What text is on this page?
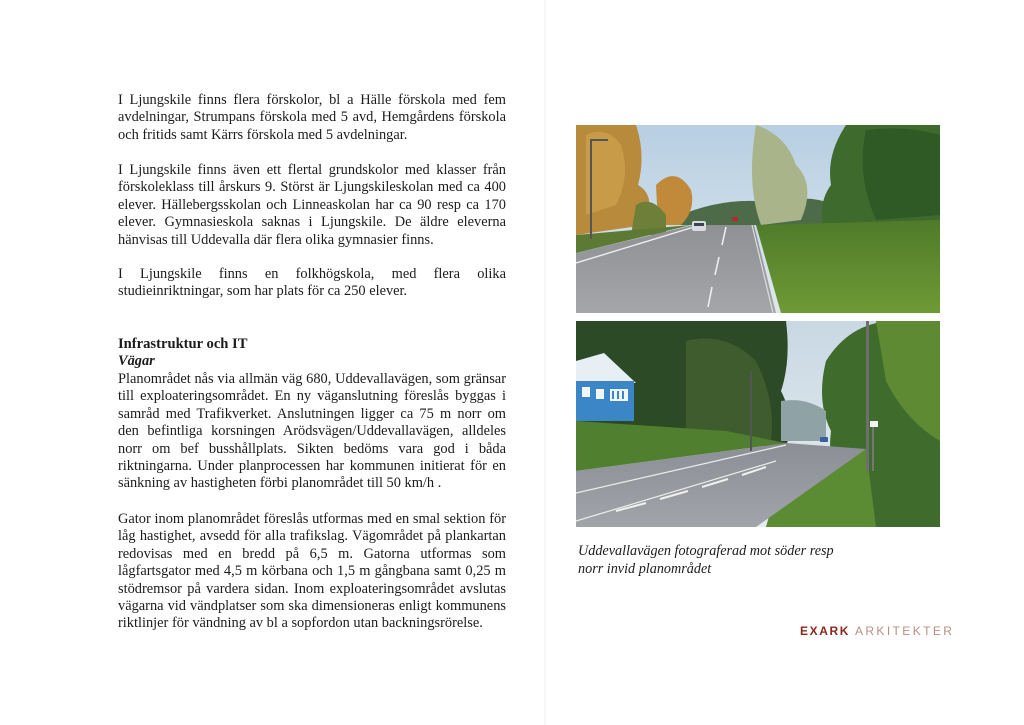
I Ljungskile finns flera förskolor, bl a Hälle förskola med fem avdelningar, Strumpans förskola med 5 avd, Hemgårdens förskola och fritids samt Kärrs förskola med 5 avdelningar.

I Ljungskile finns även ett flertal grundskolor med klasser från förskoleklass till årskurs 9. Störst är Ljungskileskolan med ca 400 elever. Hällebergsskolan och Linneaskolan har ca 90 resp ca 170 elever. Gymnasieskola saknas i Ljungskile. De äldre eleverna hänvisas till Uddevalla där flera olika gymnasier finns.

I Ljungskile finns en folkhögskola, med flera olika studieinriktningar, som har plats för ca 250 elever.

Infrastruktur och IT
Vägar

Planområdet nås via allmän väg 680, Uddevallavägen, som gränsar till exploateringsområdet. En ny väganslutning föreslås byggas i samråd med Trafikverket. Anslutningen ligger ca 75 m norr om den befintliga korsningen Arödsvägen/Uddevallavägen, alldeles norr om bef busshållplats. Sikten bedöms vara god i båda riktningarna. Under planprocessen har kommunen initierat för en sänkning av hastigheten förbi planområdet till 50 km/h .

Gator inom planområdet föreslås utformas med en smal sektion för låg hastighet, avsedd för alla trafikslag. Vägområdet på plankartan redovisas med en bredd på 6,5 m. Gatorna utformas som lågfartsgator med 4,5 m körbana och 1,5 m gångbana samt 0,25 m stödremsor på vardera sidan. Inom exploateringsområdet avslutas vägarna vid vändplatser som ska dimensioneras enligt kommunens riktlinjer för vändning av bl a sopfordon utan backningsrörelse.

Uddevallavägen fotograferad mot söder resp norr invid planområdet

EXARK ARKITEKTER
